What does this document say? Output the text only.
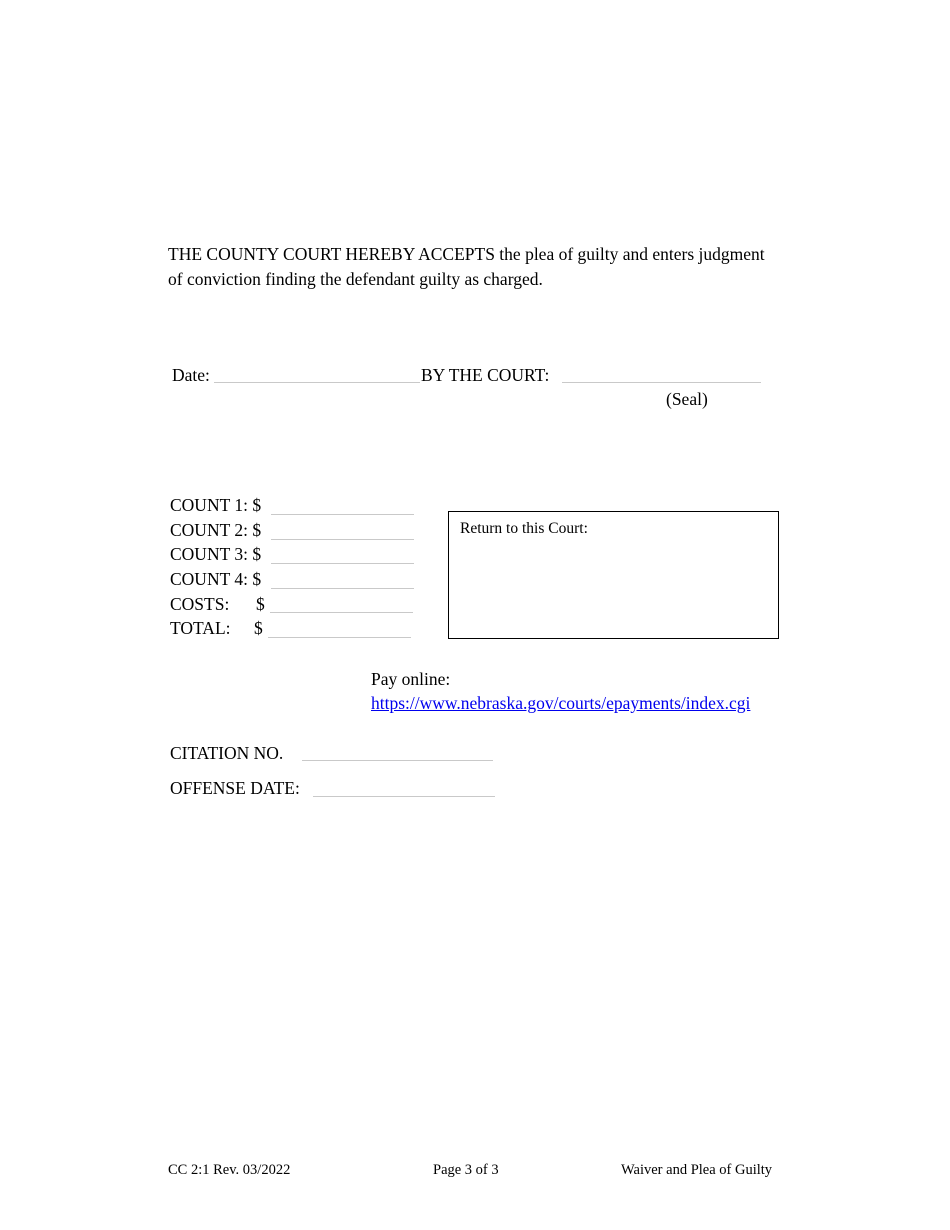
THE COUNTY COURT HEREBY ACCEPTS the plea of guilty and enters judgment of conviction finding the defendant guilty as charged.
Date:	BY THE COURT:
(Seal)
COUNT 1: $
COUNT 2: $
COUNT 3: $
COUNT 4: $
COSTS: $
TOTAL: $
Return to this Court:
Pay online:
https://www.nebraska.gov/courts/epayments/index.cgi
CITATION NO.
OFFENSE DATE:
CC 2:1 Rev. 03/2022	Page 3 of 3	Waiver and Plea of Guilty
